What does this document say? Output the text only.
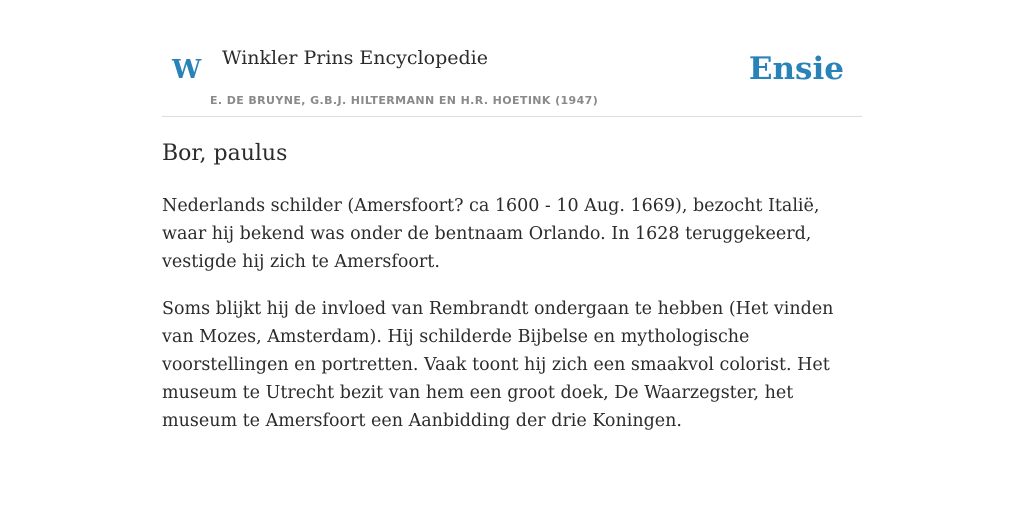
W Winkler Prins Encyclopedie
E. DE BRUYNE, G.B.J. HILTERMANN EN H.R. HOETINK (1947)
Ensie
Bor, paulus

Nederlands schilder (Amersfoort? ca 1600 - 10 Aug. 1669), bezocht Italië, waar hij bekend was onder de bentnaam Orlando. In 1628 teruggekeerd, vestigde hij zich te Amersfoort.

Soms blijkt hij de invloed van Rembrandt ondergaan te hebben (Het vinden van Mozes, Amsterdam). Hij schilderde Bijbelse en mythologische voorstellingen en portretten. Vaak toont hij zich een smaakvol colorist. Het museum te Utrecht bezit van hem een groot doek, De Waarzegster, het museum te Amersfoort een Aanbidding der drie Koningen.
